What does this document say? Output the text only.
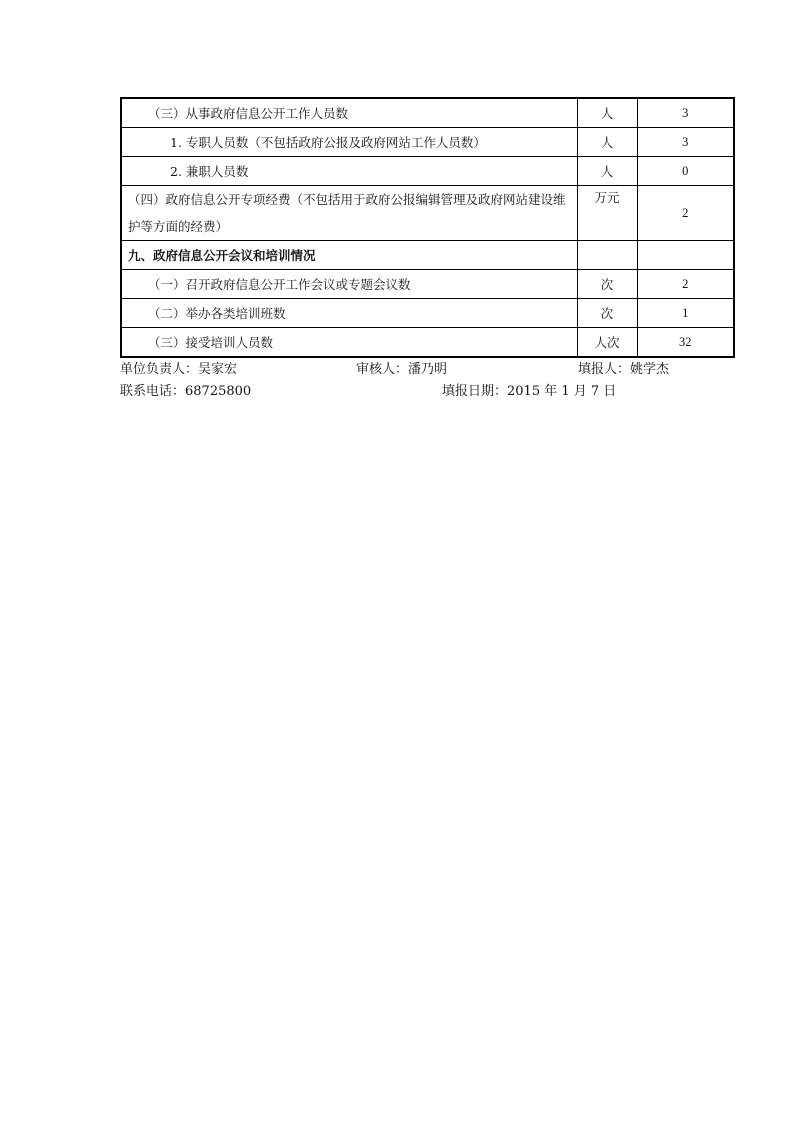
（三）从事政府信息公开工作人员数	人	3
1. 专职人员数（不包括政府公报及政府网站工作人员数）	人	3
2. 兼职人员数	人	0
（四）政府信息公开专项经费（不包括用于政府公报编辑管理及政府网站建设维护等方面的经费）	万元	2
九、政府信息公开会议和培训情况		
（一）召开政府信息公开工作会议或专题会议数	次	2
（二）举办各类培训班数	次	1
（三）接受培训人员数	人次	32
单位负责人：吴家宏	审核人：潘乃明	填报人：姚学杰
联系电话：68725800	填报日期：2015 年 1 月 7 日
